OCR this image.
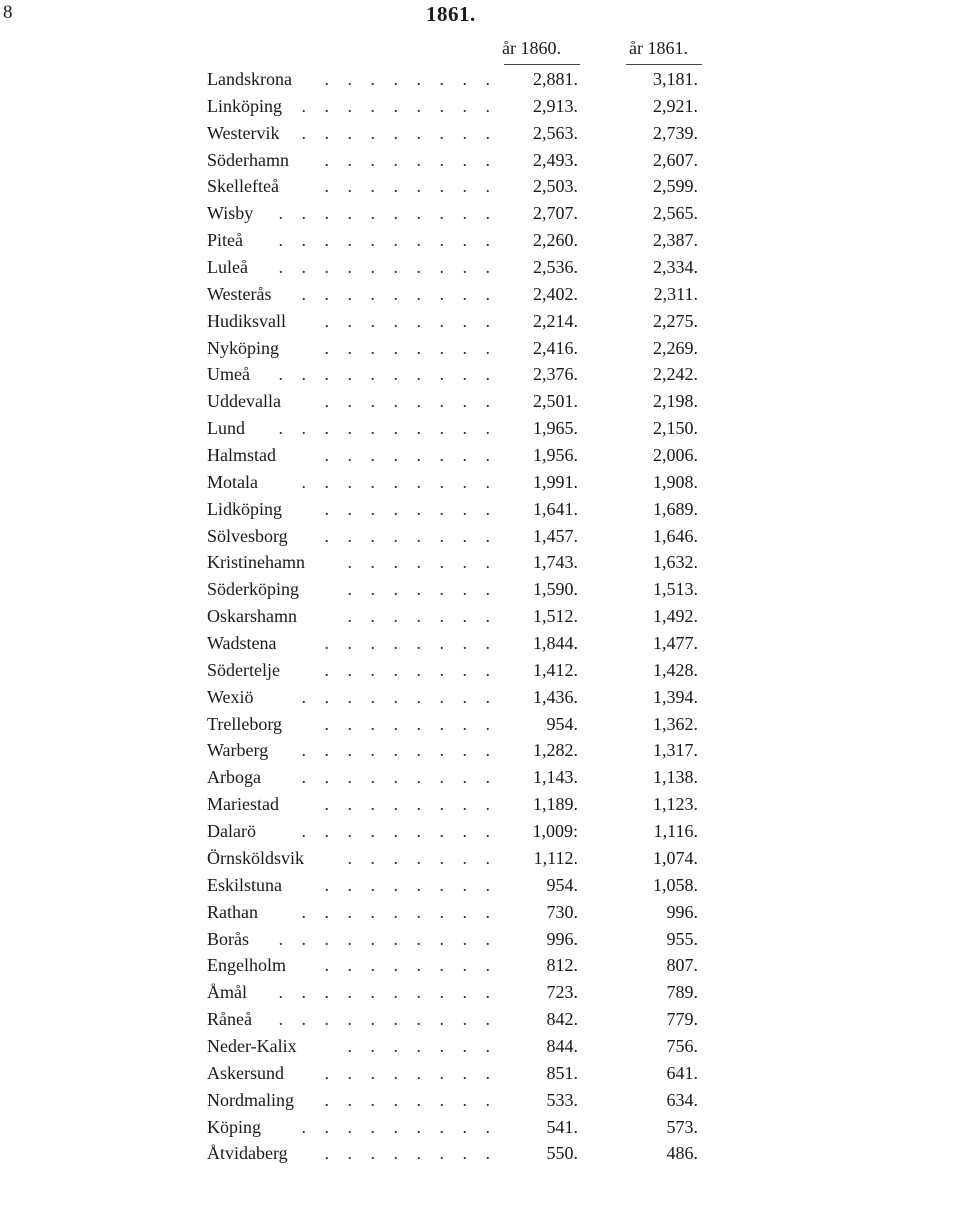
8	1861.
år 1860.	år 1861.
. . . . . . . .
Landskrona	2,881.	3,181.
. . . . . . . . .
Linköping	2,913.	2,921.
. . . . . . . . .
Westervik	2,563.	2,739.
. . . . . . . .
Söderhamn	2,493.	2,607.
. . . . . . . .
Skellefteå	2,503.	2,599.
. . . . . . . . . .
Wisby	2,707.	2,565.
. . . . . . . . . .
Piteå	2,260.	2,387.
. . . . . . . . . .
Luleå	2,536.	2,334.
. . . . . . . . .
Westerås	2,402.	2,311.
. . . . . . . .
Hudiksvall	2,214.	2,275.
. . . . . . . .
Nyköping	2,416.	2,269.
. . . . . . . . . .
Umeå	2,376.	2,242.
. . . . . . . .
Uddevalla	2,501.	2,198.
. . . . . . . . . .
Lund	1,965.	2,150.
. . . . . . . .
Halmstad	1,956.	2,006.
. . . . . . . . .
Motala	1,991.	1,908.
. . . . . . . .
Lidköping	1,641.	1,689.
. . . . . . . .
Sölvesborg	1,457.	1,646.
. . . . . . .
Kristinehamn	1,743.	1,632.
. . . . . . .
Söderköping	1,590.	1,513.
. . . . . . .
Oskarshamn	1,512.	1,492.
. . . . . . . .
Wadstena	1,844.	1,477.
. . . . . . . .
Södertelje	1,412.	1,428.
. . . . . . . . .
Wexiö	1,436.	1,394.
. . . . . . . .
Trelleborg	954.	1,362.
. . . . . . . . .
Warberg	1,282.	1,317.
. . . . . . . . .
Arboga	1,143.	1,138.
. . . . . . . .
Mariestad	1,189.	1,123.
. . . . . . . . .
Dalarö	1,009:	1,116.
. . . . . . .
Örnsköldsvik	1,112.	1,074.
. . . . . . . .
Eskilstuna	954.	1,058.
. . . . . . . . .
Rathan	730.	996.
. . . . . . . . . .
Borås	996.	955.
. . . . . . . .
Engelholm	812.	807.
. . . . . . . . . .
Åmål	723.	789.
. . . . . . . . . .
Råneå	842.	779.
. . . . . . .
Neder-Kalix	844.	756.
. . . . . . . .
Askersund	851.	641.
. . . . . . . .
Nordmaling	533.	634.
. . . . . . . . .
Köping	541.	573.
. . . . . . . .
Åtvidaberg	550.	486.
